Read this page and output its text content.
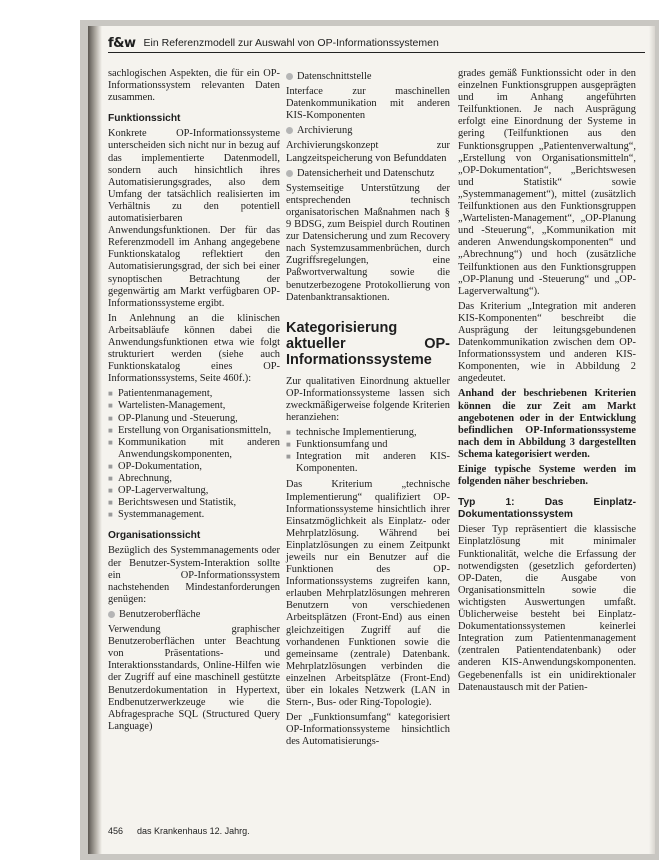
f&w Ein Referenzmodell zur Auswahl von OP-Informationssystemen

sachlogischen Aspekten, die für ein OP-Informationssystem relevanten Daten zusammen.

Funktionssicht

Konkrete OP-Informationssysteme unterscheiden sich nicht nur in bezug auf das implementierte Datenmodell, sondern auch hinsichtlich ihres Automatisierungsgrades, also dem Umfang der tatsächlich realisierten im Verhältnis zu den potentiell automatisierbaren Anwendungsfunktionen. Der für das Referenzmodell im Anhang angegebene Funktionskatalog reflektiert den Automatisierungsgrad, der sich bei einer synoptischen Betrachtung der gegenwärtig am Markt verfügbaren OP-Informationssysteme ergibt.

In Anlehnung an die klinischen Arbeitsabläufe können dabei die Anwendungsfunktionen etwa wie folgt strukturiert werden (siehe auch Funktionskatalog eines OP-Informationssystems, Seite 460f.):

■ Patientenmanagement,
■ Wartelisten-Management,
■ OP-Planung und -Steuerung,
■ Erstellung von Organisationsmitteln,
■ Kommunikation mit anderen Anwendungskomponenten,
■ OP-Dokumentation,
■ Abrechnung,
■ OP-Lagerverwaltung,
■ Berichtswesen und Statistik,
■ Systemmanagement.
Organisationssicht

Bezüglich des Systemmanagements oder der Benutzer-System-Interaktion sollte ein OP-Informationssystem nachstehenden Mindestanforderungen genügen:

Benutzeroberfläche

Verwendung graphischer Benutzeroberflächen unter Beachtung von Präsentations- und Interaktionsstandards, Online-Hilfen wie der Zugriff auf eine maschinell gestützte Benutzerdokumentation in Hypertext, Endbenutzerwerkzeuge wie die Abfragesprache SQL (Structured Query Language)

Datenschnittstelle

Interface zur maschinellen Datenkommunikation mit anderen KIS-Komponenten

Archivierung

Archivierungskonzept zur Langzeitspeicherung von Befunddaten

Datensicherheit und Datenschutz

Systemseitige Unterstützung der entsprechenden technisch organisatorischen Maßnahmen nach § 9 BDSG, zum Beispiel durch Routinen zur Datensicherung und zum Recovery nach Systemzusammenbrüchen, durch Zugriffsregelungen, eine Paßwortverwaltung sowie die benutzerbezogene Protokollierung von Datenbanktransaktionen.

Kategorisierung aktueller OP-Informationssysteme

Zur qualitativen Einordnung aktueller OP-Informationssysteme lassen sich zweckmäßigerweise folgende Kriterien heranziehen:

■ technische Implementierung,
■ Funktionsumfang und
■ Integration mit anderen KIS-Komponenten.

Das Kriterium „technische Implementierung“ qualifiziert OP-Informationssysteme hinsichtlich ihrer Einsatzmöglichkeit als Einplatz- oder Mehrplatzlösung. Während bei Einplatzlösungen zu einem Zeitpunkt jeweils nur ein Benutzer auf die Funktionen des OP-Informationssystems zugreifen kann, erlauben Mehrplatzlösungen mehreren Benutzern von verschiedenen Arbeitsplätzen (Front-End) aus einen gleichzeitigen Zugriff auf die vorhandenen Funktionen sowie die gemeinsame (zentrale) Datenbank. Mehrplatzlösungen verbinden die einzelnen Arbeitsplätze (Front-End) über ein lokales Netzwerk (LAN in Stern-, Bus- oder Ring-Topologie).

Der „Funktionsumfang“ kategorisiert OP-Informationssysteme hinsichtlich des Automatisierungs-

grades gemäß Funktionssicht oder in den einzelnen Funktionsgruppen ausgeprägten und im Anhang angeführten Teilfunktionen. Je nach Ausprägung erfolgt eine Einordnung der Systeme in gering (Teilfunktionen aus den Funktionsgruppen „Patientenverwaltung“, „Erstellung von Organisationsmitteln“, „OP-Dokumentation“, „Berichtswesen und Statistik“ sowie „Systemmanagement“), mittel (zusätzlich Teilfunktionen aus den Funktionsgruppen „Wartelisten-Management“, „OP-Planung und -Steuerung“, „Kommunikation mit anderen Anwendungskomponenten“ und „Abrechnung“) und hoch (zusätzliche Teilfunktionen aus den Funktionsgruppen „OP-Planung und -Steuerung“ und „OP-Lagerverwaltung“).

Das Kriterium „Integration mit anderen KIS-Komponenten“ beschreibt die Ausprägung der leitungsgebundenen Datenkommunikation zwischen dem OP-Informationssystem und anderen KIS-Komponenten, wie in Abbildung 2 angedeutet.

Anhand der beschriebenen Kriterien können die zur Zeit am Markt angebotenen oder in der Entwicklung befindlichen OP-Informationssysteme nach dem in Abbildung 3 dargestellten Schema kategorisiert werden.

Einige typische Systeme werden im folgenden näher beschrieben.

Typ 1: Das Einplatz-Dokumentationssystem

Dieser Typ repräsentiert die klassische Einplatzlösung mit minimaler Funktionalität, welche die Erfassung der notwendigsten (gesetzlich geforderten) OP-Daten, die Ausgabe von Organisationsmitteln sowie die wichtigsten Auswertungen umfaßt. Üblicherweise besteht bei Einplatz-Dokumentationssystemen keinerlei Integration zum Patientenmanagement (zentralen Patientendatenbank) oder anderen KIS-Anwendungskomponenten. Gegebenenfalls ist ein unidirektionaler Datenaustausch mit der Patien-

456 das Krankenhaus 12. Jahrg.
